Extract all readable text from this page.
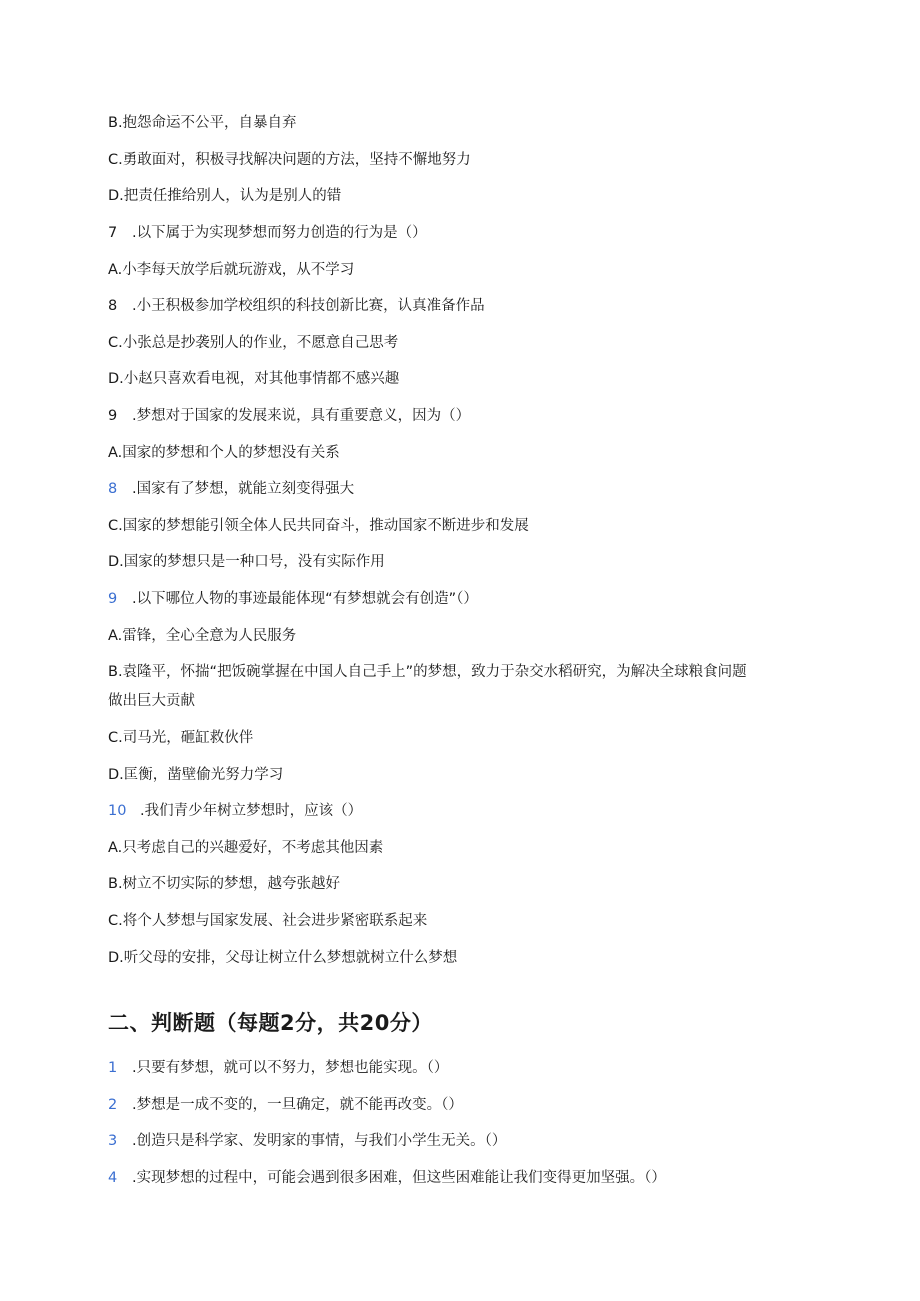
B.抱怨命运不公平，自暴自弃
C.勇敢面对，积极寻找解决问题的方法，坚持不懈地努力
D.把责任推给别人，认为是别人的错
7 .以下属于为实现梦想而努力创造的行为是（）
A.小李每天放学后就玩游戏，从不学习
8 .小王积极参加学校组织的科技创新比赛，认真准备作品
C.小张总是抄袭别人的作业，不愿意自己思考
D.小赵只喜欢看电视，对其他事情都不感兴趣
9 .梦想对于国家的发展来说，具有重要意义，因为（）
A.国家的梦想和个人的梦想没有关系
8 .国家有了梦想，就能立刻变得强大
C.国家的梦想能引领全体人民共同奋斗，推动国家不断进步和发展
D.国家的梦想只是一种口号，没有实际作用
9 .以下哪位人物的事迹最能体现“有梦想就会有创造”（）
A.雷锋，全心全意为人民服务
B.袁隆平，怀揣“把饭碗掌握在中国人自己手上”的梦想，致力于杂交水稻研究，为解决全球粮食问题
做出巨大贡献
C.司马光，砸缸救伙伴
D.匡衡，凿壁偷光努力学习
10 .我们青少年树立梦想时，应该（）
A.只考虑自己的兴趣爱好，不考虑其他因素
B.树立不切实际的梦想，越夸张越好
C.将个人梦想与国家发展、社会进步紧密联系起来
D.听父母的安排，父母让树立什么梦想就树立什么梦想
二、判断题（每题2分，共20分）
1 .只要有梦想，就可以不努力，梦想也能实现。（）
2 .梦想是一成不变的，一旦确定，就不能再改变。（）
3 .创造只是科学家、发明家的事情，与我们小学生无关。（）
4 .实现梦想的过程中，可能会遇到很多困难，但这些困难能让我们变得更加坚强。（）
